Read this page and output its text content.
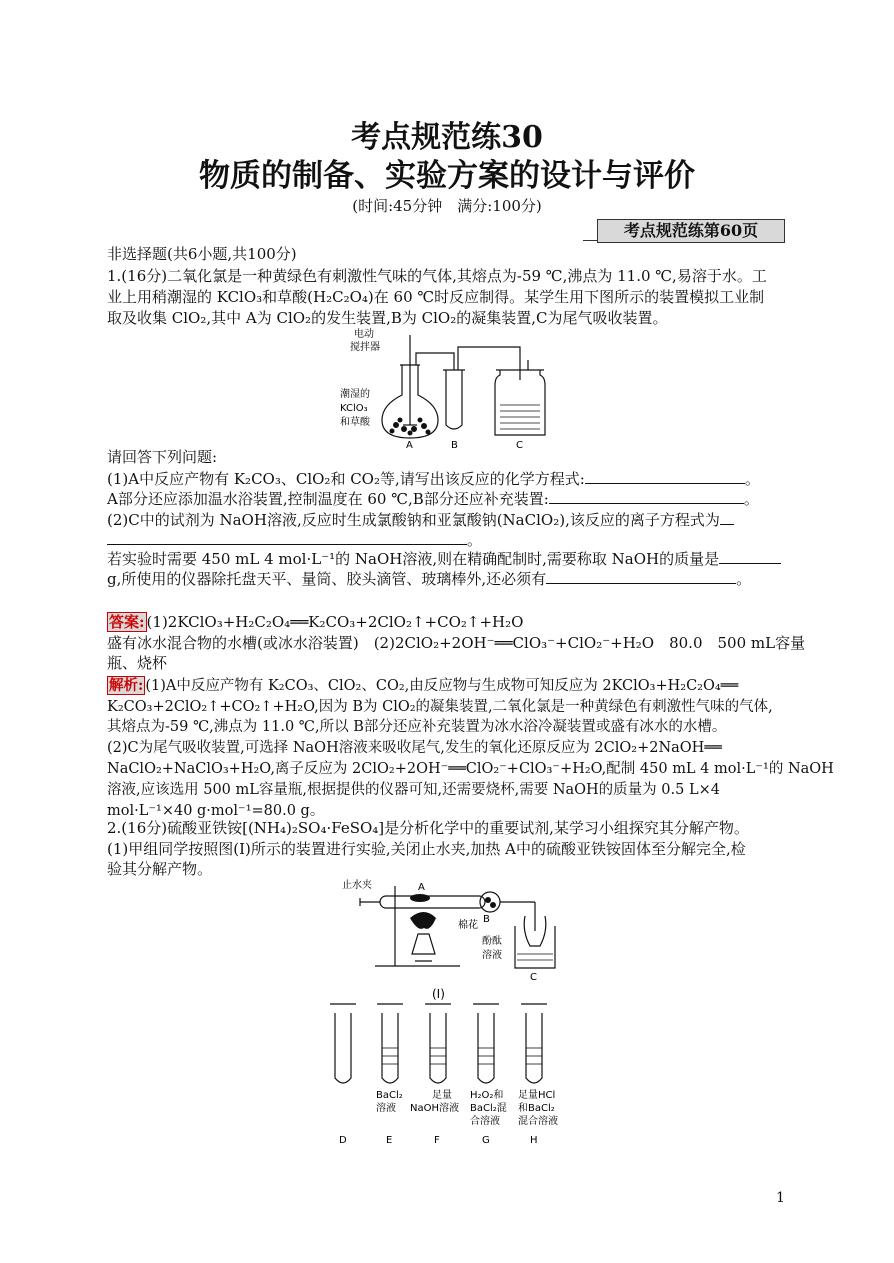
考点规范练30
物质的制备、实验方案的设计与评价
(时间:45分钟　满分:100分)
考点规范练第60页
非选择题(共6小题,共100分)
1.(16分)二氧化氯是一种黄绿色有刺激性气味的气体,其熔点为-59 ℃,沸点为 11.0 ℃,易溶于水。工
业上用稍潮湿的 KClO₃和草酸(H₂C₂O₄)在 60 ℃时反应制得。某学生用下图所示的装置模拟工业制
取及收集 ClO₂,其中 A为 ClO₂的发生装置,B为 ClO₂的凝集装置,C为尾气吸收装置。
电动
搅拌器
潮湿的
KClO₃
和草酸
A	B	C
请回答下列问题:
(1)A中反应产物有 K₂CO₃、ClO₂和 CO₂等,请写出该反应的化学方程式:	。
A部分还应添加温水浴装置,控制温度在 60 ℃,B部分还应补充装置:	。
(2)C中的试剂为 NaOH溶液,反应时生成氯酸钠和亚氯酸钠(NaClO₂),该反应的离子方程式为
。
若实验时需要 450 mL 4 mol·L⁻¹的 NaOH溶液,则在精确配制时,需要称取 NaOH的质量是
g,所使用的仪器除托盘天平、量筒、胶头滴管、玻璃棒外,还必须有	。
答案: (1)2KClO₃+H₂C₂O₄══K₂CO₃+2ClO₂↑+CO₂↑+H₂O
盛有冰水混合物的水槽(或冰水浴装置)　(2)2ClO₂+2OH⁻══ClO₃⁻+ClO₂⁻+H₂O　80.0　500 mL容量
瓶、烧杯
解析: (1)A中反应产物有 K₂CO₃、ClO₂、CO₂,由反应物与生成物可知反应为 2KClO₃+H₂C₂O₄══
K₂CO₃+2ClO₂↑+CO₂↑+H₂O,因为 B为 ClO₂的凝集装置,二氧化氯是一种黄绿色有刺激性气味的气体,
其熔点为-59 ℃,沸点为 11.0 ℃,所以 B部分还应补充装置为冰水浴冷凝装置或盛有冰水的水槽。
(2)C为尾气吸收装置,可选择 NaOH溶液来吸收尾气,发生的氧化还原反应为 2ClO₂+2NaOH══
NaClO₂+NaClO₃+H₂O,离子反应为 2ClO₂+2OH⁻══ClO₂⁻+ClO₃⁻+H₂O,配制 450 mL 4 mol·L⁻¹的 NaOH
溶液,应该选用 500 mL容量瓶,根据提供的仪器可知,还需要烧杯,需要 NaOH的质量为 0.5 L×4
mol·L⁻¹×40 g·mol⁻¹=80.0 g。
2.(16分)硫酸亚铁铵[(NH₄)₂SO₄·FeSO₄]是分析化学中的重要试剂,某学习小组探究其分解产物。
(1)甲组同学按照图(Ⅰ)所示的装置进行实验,关闭止水夹,加热 A中的硫酸亚铁铵固体至分解完全,检
验其分解产物。
止水夹	A
棉花
B
酚酞
溶液
C
(Ⅰ)
BaCl₂
溶液
足量
NaOH溶液
H₂O₂和
BaCl₂混
合溶液
足量HCl
和BaCl₂
混合溶液
D	E	F	G	H
1
